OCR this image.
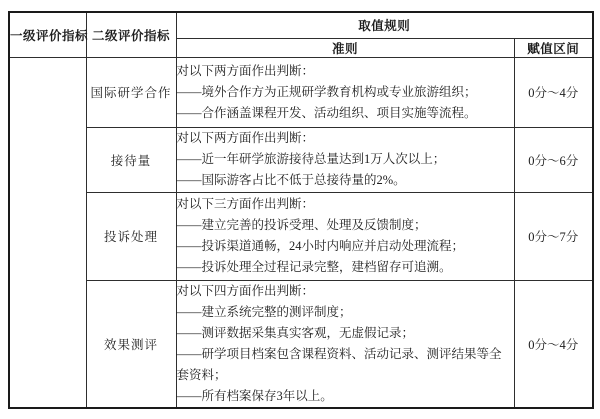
一级评价指标	二级评价指标	取值规则	
		准则	赋值区间
	国际研学合作	对以下两方面作出判断：
——境外合作方为正规研学教育机构或专业旅游组织；
——合作涵盖课程开发、活动组织、项目实施等流程。	0分～4分
	接待量	对以下两方面作出判断：
——近一年研学旅游接待总量达到1万人次以上；
——国际游客占比不低于总接待量的2%。	0分～6分
	投诉处理	对以下三方面作出判断：
——建立完善的投诉受理、处理及反馈制度；
——投诉渠道通畅，24小时内响应并启动处理流程；
——投诉处理全过程记录完整，建档留存可追溯。	0分～7分
	效果测评	对以下四方面作出判断：
——建立系统完整的测评制度；
——测评数据采集真实客观，无虚假记录；
——研学项目档案包含课程资料、活动记录、测评结果等全套资料；
——所有档案保存3年以上。	0分～4分
